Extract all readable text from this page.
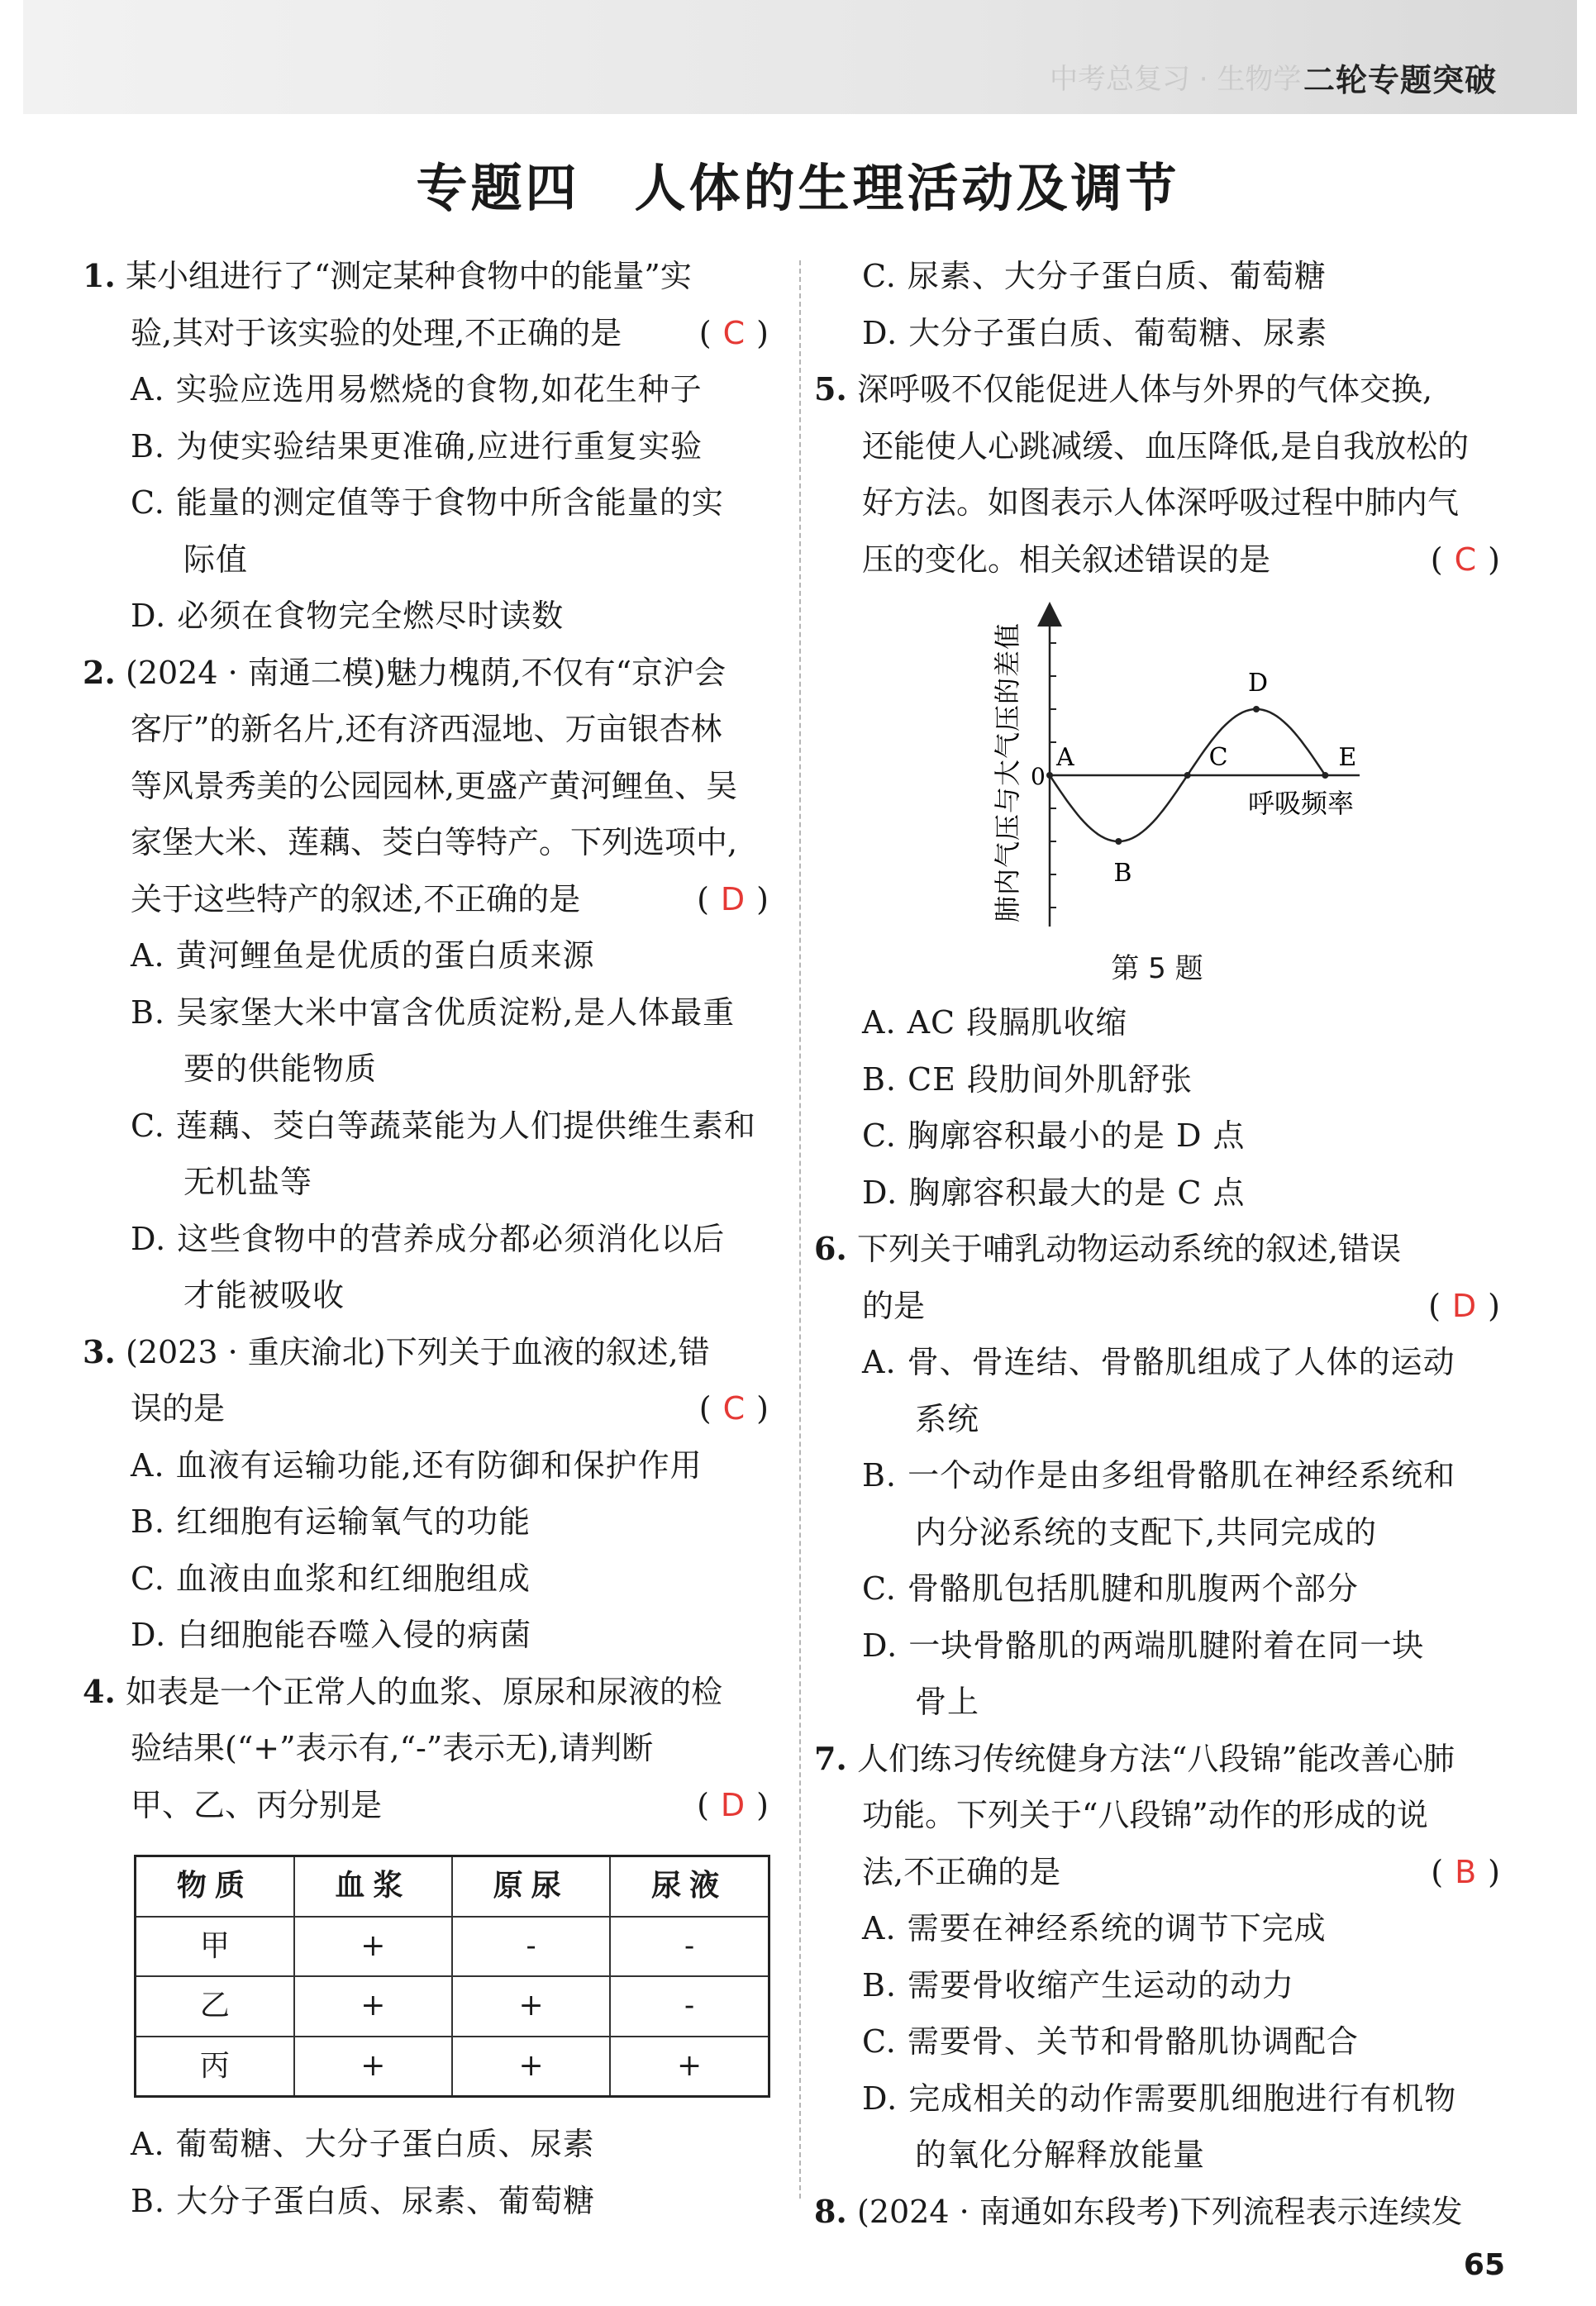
中考总复习 · 生物学 二轮专题突破
专题四　人体的生理活动及调节
1. 某小组进行了“测定某种食物中的能量”实
验,其对于该实验的处理,不正确的是 ( C )
A. 实验应选用易燃烧的食物,如花生种子
B. 为使实验结果更准确,应进行重复实验
C. 能量的测定值等于食物中所含能量的实
际值
D. 必须在食物完全燃尽时读数
2. (2024 · 南通二模)魅力槐荫,不仅有“京沪会
客厅”的新名片,还有济西湿地、万亩银杏林
等风景秀美的公园园林,更盛产黄河鲤鱼、吴
家堡大米、莲藕、茭白等特产。下列选项中,
关于这些特产的叙述,不正确的是	( D )
A. 黄河鲤鱼是优质的蛋白质来源
B. 吴家堡大米中富含优质淀粉,是人体最重
要的供能物质
C. 莲藕、茭白等蔬菜能为人们提供维生素和
无机盐等
D. 这些食物中的营养成分都必须消化以后
才能被吸收
3. (2023 · 重庆渝北)下列关于血液的叙述,错
误的是	( C )
A. 血液有运输功能,还有防御和保护作用
B. 红细胞有运输氧气的功能
C. 血液由血浆和红细胞组成
D. 白细胞能吞噬入侵的病菌
4. 如表是一个正常人的血浆、原尿和尿液的检
验结果(“+”表示有,“-”表示无),请判断
甲、乙、丙分别是	( D )
物质	血浆	原尿	尿液
甲	+	-	-
乙	+	+	-
丙	+	+	+
A. 葡萄糖、大分子蛋白质、尿素
B. 大分子蛋白质、尿素、葡萄糖
C. 尿素、大分子蛋白质、葡萄糖
D. 大分子蛋白质、葡萄糖、尿素
5. 深呼吸不仅能促进人体与外界的气体交换,
还能使人心跳减缓、血压降低,是自我放松的
好方法。如图表示人体深呼吸过程中肺内气
压的变化。相关叙述错误的是	( C )
A
B
C
D
E
0
呼吸频率
肺内气压与大气压的差值
第 5 题
A. AC 段膈肌收缩
B. CE 段肋间外肌舒张
C. 胸廓容积最小的是 D 点
D. 胸廓容积最大的是 C 点
6. 下列关于哺乳动物运动系统的叙述,错误
的是	( D )
A. 骨、骨连结、骨骼肌组成了人体的运动
系统
B. 一个动作是由多组骨骼肌在神经系统和
内分泌系统的支配下,共同完成的
C. 骨骼肌包括肌腱和肌腹两个部分
D. 一块骨骼肌的两端肌腱附着在同一块
骨上
7. 人们练习传统健身方法“八段锦”能改善心肺
功能。下列关于“八段锦”动作的形成的说
法,不正确的是	( B )
A. 需要在神经系统的调节下完成
B. 需要骨收缩产生运动的动力
C. 需要骨、关节和骨骼肌协调配合
D. 完成相关的动作需要肌细胞进行有机物
的氧化分解释放能量
8. (2024 · 南通如东段考)下列流程表示连续发
65
